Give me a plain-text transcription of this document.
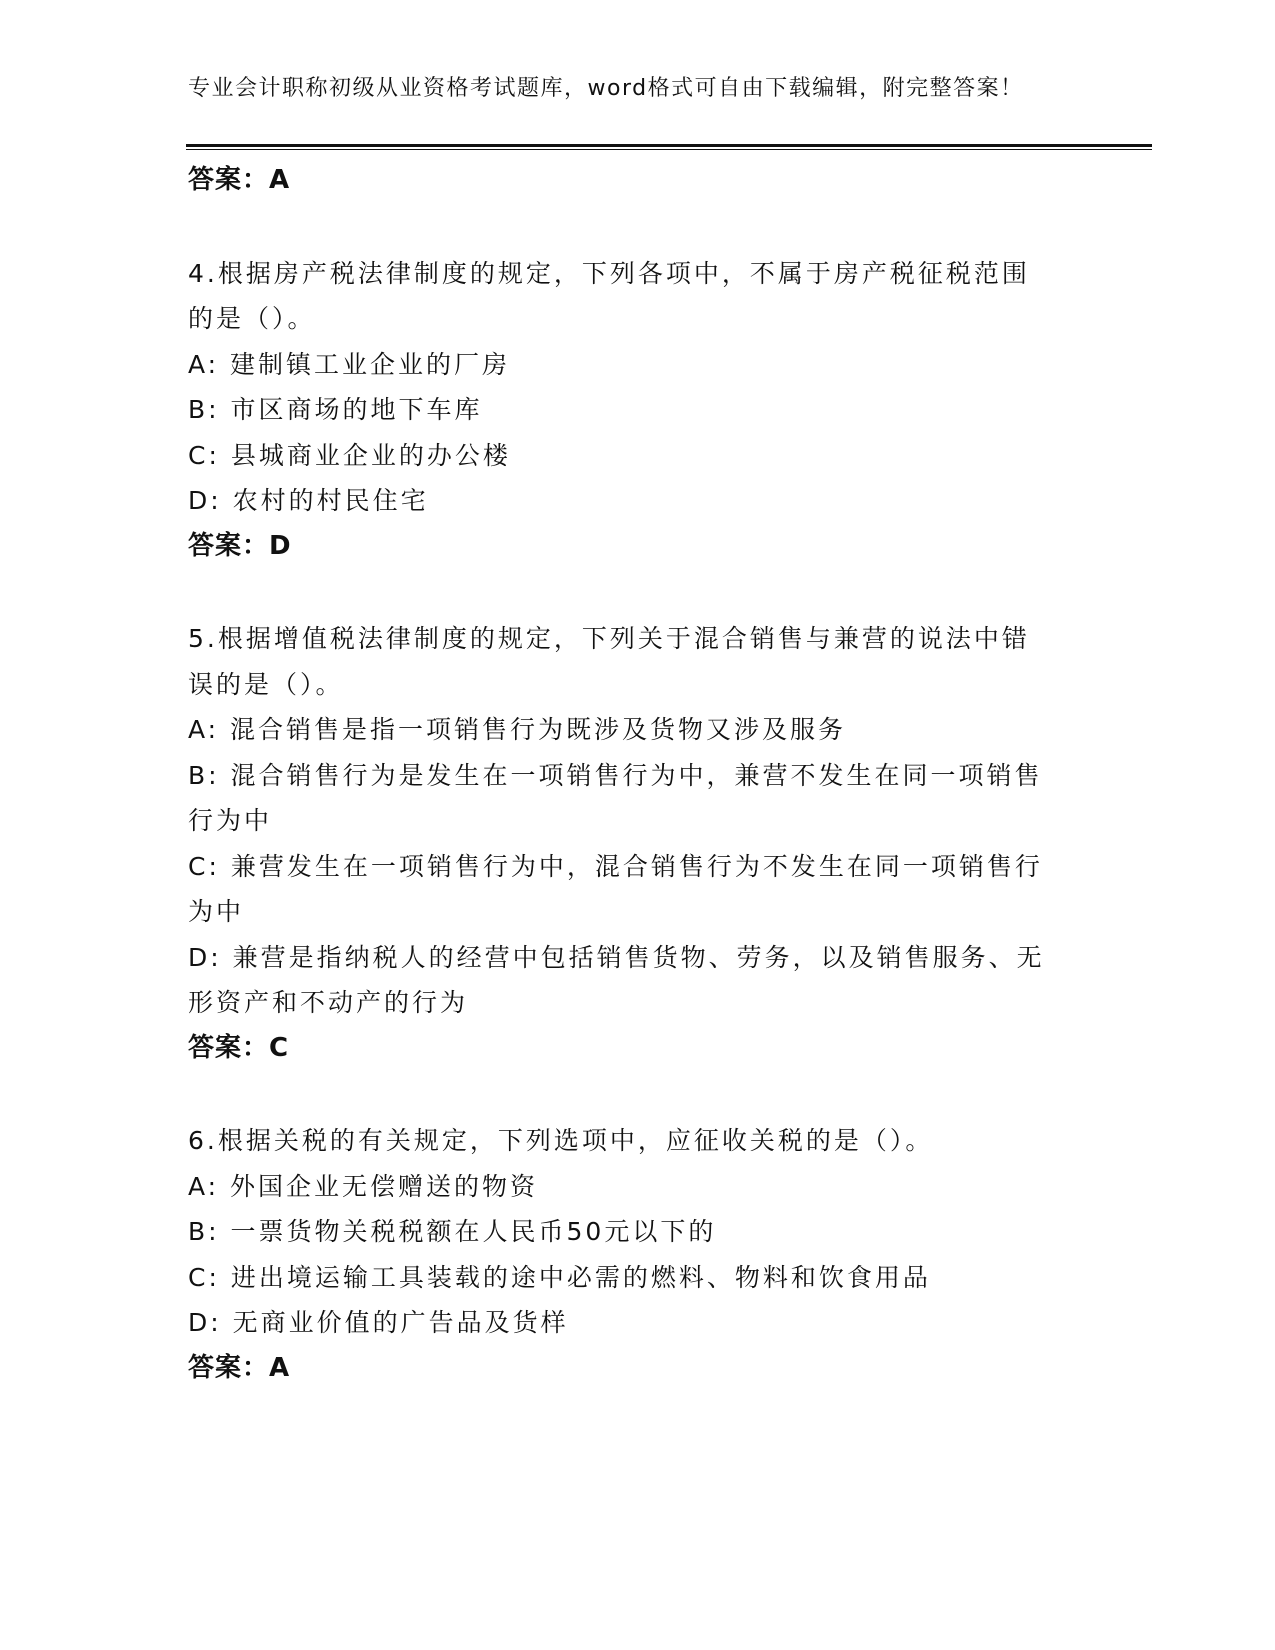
专业会计职称初级从业资格考试题库，word格式可自由下载编辑，附完整答案！
答案：A
4.根据房产税法律制度的规定，下列各项中，不属于房产税征税范围
的是（）。
A: 建制镇工业企业的厂房
B: 市区商场的地下车库
C: 县城商业企业的办公楼
D: 农村的村民住宅
答案：D
5.根据增值税法律制度的规定，下列关于混合销售与兼营的说法中错
误的是（）。
A: 混合销售是指一项销售行为既涉及货物又涉及服务
B: 混合销售行为是发生在一项销售行为中，兼营不发生在同一项销售
行为中
C: 兼营发生在一项销售行为中，混合销售行为不发生在同一项销售行
为中
D: 兼营是指纳税人的经营中包括销售货物、劳务，以及销售服务、无
形资产和不动产的行为
答案：C
6.根据关税的有关规定，下列选项中，应征收关税的是（）。
A: 外国企业无偿赠送的物资
B: 一票货物关税税额在人民币50元以下的
C: 进出境运输工具装载的途中必需的燃料、物料和饮食用品
D: 无商业价值的广告品及货样
答案：A
